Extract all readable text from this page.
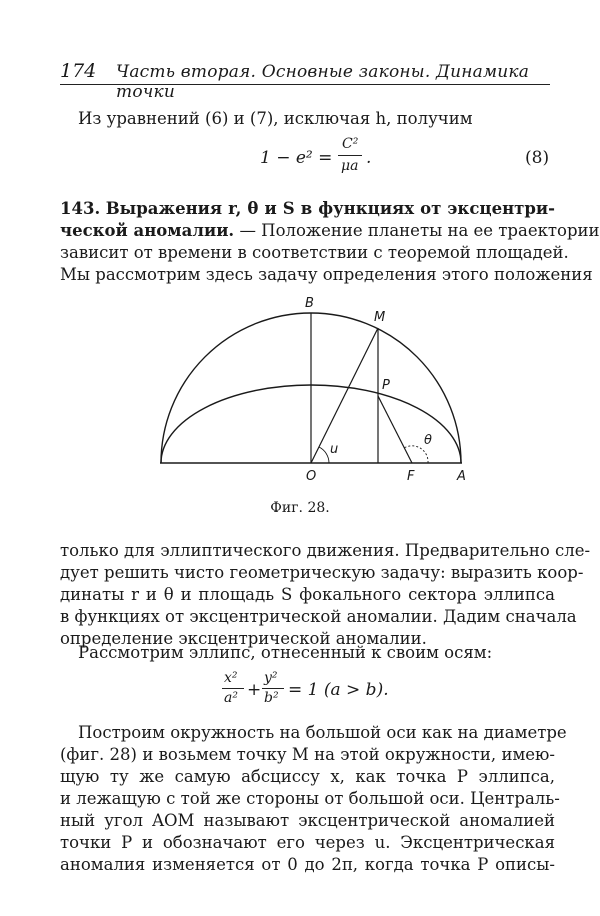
174 Часть вторая. Основные законы. Динамика точки
Из уравнений (6) и (7), исключая h, получим
1 − e² =
C²
μa .	(8)
143. Выражения r, θ и S в функциях от эксцентри-
ческой аномалии. — Положение планеты на ее траектории
зависит от времени в соответствии с теоремой площадей.
Мы рассмотрим здесь задачу определения этого положения
B
M
P
O	F	A
u
θ
Фиг. 28.
только для эллиптического движения. Предварительно сле-
дует решить чисто геометрическую задачу: выразить коор-
динаты r и θ и площадь S фокального сектора эллипса
в функциях от эксцентрической аномалии. Дадим сначала
определение эксцентрической аномалии.
Рассмотрим эллипс, отнесенный к своим осям:
x²
a² +
y²
b² = 1 (a > b).
Построим окружность на большой оси как на диаметре
(фиг. 28) и возьмем точку M на этой окружности, имею-
щую ту же самую абсциссу x, как точка P эллипса,
и лежащую с той же стороны от большой оси. Централь-
ный угол AOM называют эксцентрической аномалией
точки P и обозначают его через u. Эксцентрическая
аномалия изменяется от 0 до 2π, когда точка P описы-
